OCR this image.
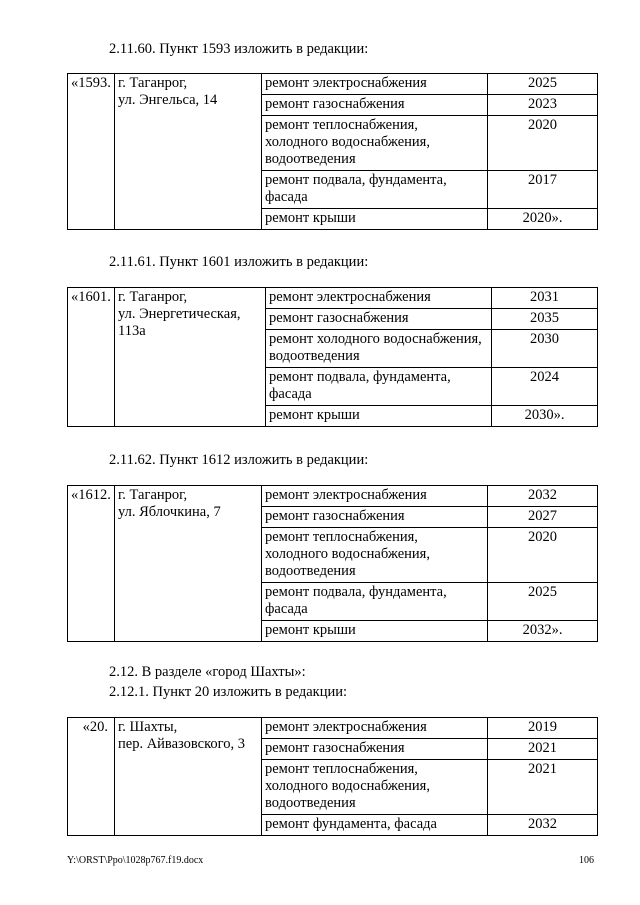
2.11.60. Пункт 1593 изложить в редакции:
«1593.	г. Таганрог,
ул. Энгельса, 14	ремонт электроснабжения	2025
		ремонт газоснабжения	2023
		ремонт теплоснабжения,
холодного водоснабжения,
водоотведения	2020
		ремонт подвала, фундамента,
фасада	2017
		ремонт крыши	2020».
2.11.61. Пункт 1601 изложить в редакции:
«1601.	г. Таганрог,
ул. Энергетическая,
113а	ремонт электроснабжения	2031
		ремонт газоснабжения	2035
		ремонт холодного водоснабжения,
водоотведения	2030
		ремонт подвала, фундамента,
фасада	2024
		ремонт крыши	2030».
2.11.62. Пункт 1612 изложить в редакции:
«1612.	г. Таганрог,
ул. Яблочкина, 7	ремонт электроснабжения	2032
		ремонт газоснабжения	2027
		ремонт теплоснабжения,
холодного водоснабжения,
водоотведения	2020
		ремонт подвала, фундамента,
фасада	2025
		ремонт крыши	2032».
2.12. В разделе «город Шахты»:
2.12.1. Пункт 20 изложить в редакции:
«20.	г. Шахты,
пер. Айвазовского, 3	ремонт электроснабжения	2019
		ремонт газоснабжения	2021
		ремонт теплоснабжения,
холодного водоснабжения,
водоотведения	2021
		ремонт фундамента, фасада	2032
Y:\ORST\Ppo\1028p767.f19.docx	106
